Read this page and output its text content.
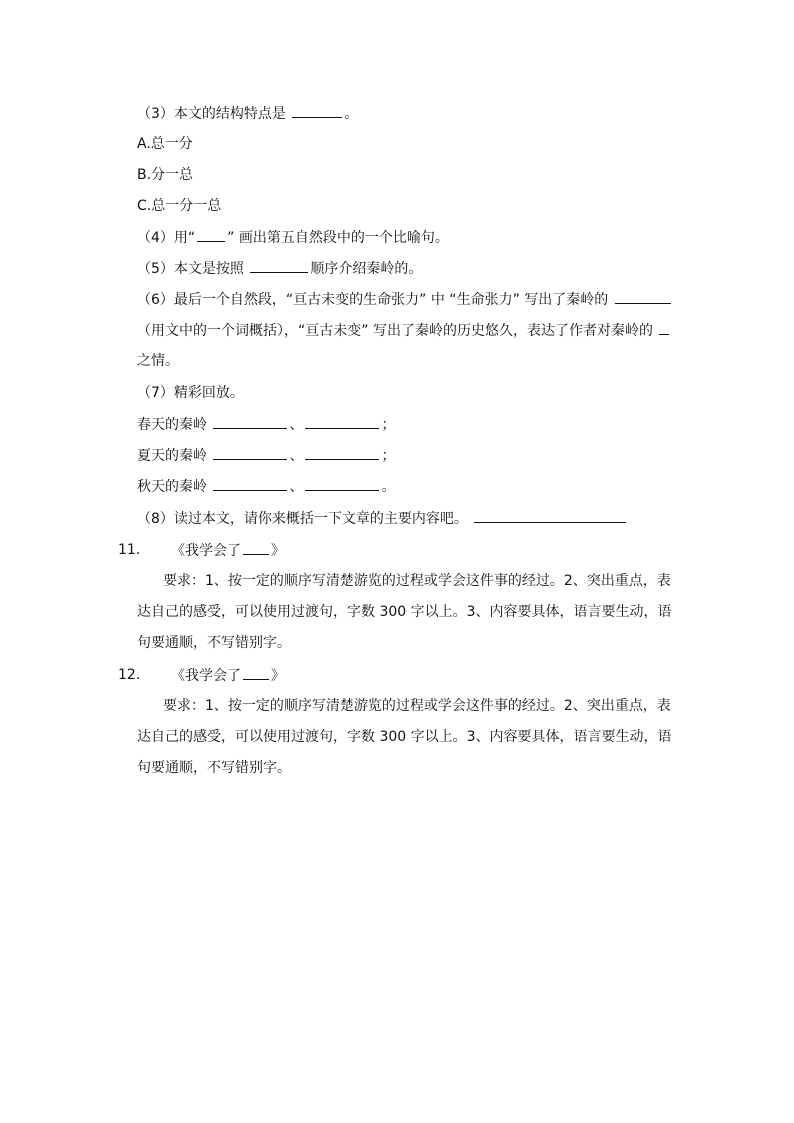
（3）本文的结构特点是	。
A.总一分
B.分一总
C.总一分一总
（4）用“ ” 画出第五自然段中的一个比喻句。
（5）本文是按照	顺序介绍秦岭的。
（6）最后一个自然段，“亘古未变的生命张力” 中 “生命张力” 写出了秦岭的
（用文中的一个词概括），“亘古未变” 写出了秦岭的历史悠久，表达了作者对秦岭的
之情。
（7）精彩回放。
春天的秦岭	、	；
夏天的秦岭	、	；
秋天的秦岭	、	。
（8）读过本文，请你来概括一下文章的主要内容吧。
11. 《我学会了 》
要求：1、按一定的顺序写清楚游览的过程或学会这件事的经过。2、突出重点，表
达自己的感受，可以使用过渡句，字数 300 字以上。3、内容要具体，语言要生动，语
句要通顺，不写错别字。
12. 《我学会了 》
要求：1、按一定的顺序写清楚游览的过程或学会这件事的经过。2、突出重点，表
达自己的感受，可以使用过渡句，字数 300 字以上。3、内容要具体，语言要生动，语
句要通顺，不写错别字。
